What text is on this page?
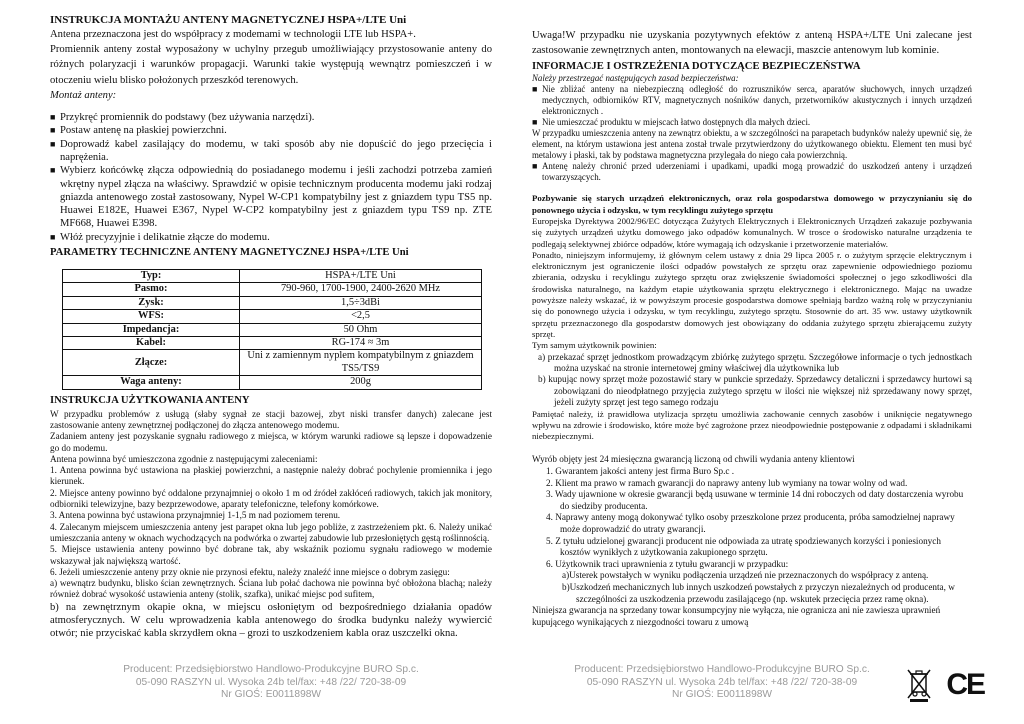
INSTRUKCJA MONTAŻU ANTENY MAGNETYCZNEJ HSPA+/LTE Uni

Antena przeznaczona jest do współpracy z modemami w technologii LTE lub HSPA+.

Promiennik anteny został wyposażony w uchylny przegub umożliwiający przystosowanie anteny do różnych polaryzacji i warunków propagacji. Warunki takie występują wewnątrz pomieszczeń i w otoczeniu wielu blisko położonych przeszkód terenowych.

Montaż anteny:

■ Przykręć promiennik do podstawy (bez używania narzędzi).

■ Postaw antenę na płaskiej powierzchni.

■ Doprowadź kabel zasilający do modemu, w taki sposób aby nie dopuścić do jego przecięcia i naprężenia.

■ Wybierz końcówkę złącza odpowiednią do posiadanego modemu i jeśli zachodzi potrzeba zamień wkrętny nypel złącza na właściwy. Sprawdzić w opisie technicznym producenta modemu jaki rodzaj gniazda antenowego został zastosowany, Nypel W-CP1 kompatybilny jest z gniazdem typu TS5 np. Huawei E182E, Huawei E367, Nypel W-CP2 kompatybilny jest z gniazdem typu TS9 np. ZTE MF668, Huawei E398.

■ Włóż precyzyjnie i delikatnie złącze do modemu.

PARAMETRY TECHNICZNE ANTENY MAGNETYCZNEJ HSPA+/LTE Uni

Typ:	HSPA+/LTE Uni
Pasmo:	790-960, 1700-1900, 2400-2620 MHz
Zysk:	1,5÷3dBi
WFS:	<2,5
Impedancja:	50 Ohm
Kabel:	RG-174 ≈ 3m
Złącze:	Uni z zamiennym nyplem kompatybilnym z gniazdem TS5/TS9
Waga anteny:	200g

INSTRUKCJA UŻYTKOWANIA ANTENY

W przypadku problemów z usługą (słaby sygnał ze stacji bazowej, zbyt niski transfer danych) zalecane jest zastosowanie anteny zewnętrznej podłączonej do złącza antenowego modemu.

Zadaniem anteny jest pozyskanie sygnału radiowego z miejsca, w którym warunki radiowe są lepsze i dopowadzenie go do modemu.

Antena powinna być umieszczona zgodnie z następującymi zaleceniami:

1. Antena powinna być ustawiona na płaskiej powierzchni, a następnie należy dobrać pochylenie promiennika i jego kierunek.

2. Miejsce anteny powinno być oddalone przynajmniej o około 1 m od źródeł zakłóceń radiowych, takich jak monitory, odbiorniki telewizyjne, bazy bezprzewodowe, aparaty telefoniczne, telefony komórkowe.

3. Antena powinna być ustawiona przynajmniej 1-1,5 m nad poziomem terenu.

4. Zalecanym miejscem umieszczenia anteny jest parapet okna lub jego pobliże, z zastrzeżeniem pkt. 6. Należy unikać umieszczania anteny w oknach wychodzących na podwórka o zwartej zabudowie lub przesłoniętych gęstą roślinnością.

5. Miejsce ustawienia anteny powinno być dobrane tak, aby wskaźnik poziomu sygnału radiowego w modemie wskazywał jak największą wartość.

6. Jeżeli umieszczenie anteny przy oknie nie przynosi efektu, należy znaleźć inne miejsce o dobrym zasięgu:

a) wewnątrz budynku, blisko ścian zewnętrznych. Ściana lub połać dachowa nie powinna być obłożona blachą; należy również dobrać wysokość ustawienia anteny (stolik, szafka), unikać miejsc pod sufitem,

b) na zewnętrznym okapie okna, w miejscu osłoniętym od bezpośredniego działania opadów atmosferycznych. W celu wprowadzenia kabla antenowego do środka budynku należy wywiercić otwór; nie przyciskać kabla skrzydłem okna – grozi to uszkodzeniem kabla oraz uszczelki okna.

Producent: Przedsiębiorstwo Handlowo-Produkcyjne BURO Sp.c.
05-090 RASZYN ul. Wysoka 24b tel/fax: +48 /22/ 720-38-09
Nr GIOŚ: E0011898W

Uwaga!W przypadku nie uzyskania pozytywnych efektów z anteną HSPA+/LTE Uni zalecane jest zastosowanie zewnętrznych anten, montowanych na elewacji, maszcie antenowym lub kominie.

INFORMACJE I OSTRZEŻENIA DOTYCZĄCE BEZPIECZEŃSTWA

Należy przestrzegać następujących zasad bezpieczeństwa:

■ Nie zbliżać anteny na niebezpieczną odległość do rozruszników serca, aparatów słuchowych, innych urządzeń medycznych, odbiorników RTV, magnetycznych nośników danych, przetworników akustycznych i innych urządzeń elektronicznych .

■ Nie umieszczać produktu w miejscach łatwo dostępnych dla małych dzieci.

W przypadku umieszczenia anteny na zewnątrz obiektu, a w szczególności na parapetach budynków należy upewnić się, że element, na którym ustawiona jest antena został trwale przytwierdzony do użytkowanego obiektu. Element ten musi być metalowy i płaski, tak by podstawa magnetyczna przylegała do niego cała powierzchnią.

■ Antenę należy chronić przed uderzeniami i upadkami, upadki mogą prowadzić do uszkodzeń anteny i urządzeń towarzyszących.

Pozbywanie się starych urządzeń elektronicznych, oraz rola gospodarstwa domowego w przyczynianiu się do ponownego użycia i odzysku, w tym recyklingu zużytego sprzętu

Europejska Dyrektywa 2002/96/EC dotycząca Zużytych Elektrycznych i Elektronicznych Urządzeń zakazuje pozbywania się zużytych urządzeń użytku domowego jako odpadów komunalnych. W trosce o środowisko naturalne urządzenia te podlegają selektywnej zbiórce odpadów, które wymagają ich odzyskanie i przetworzenie materiałów.

Ponadto, niniejszym informujemy, iż głównym celem ustawy z dnia 29 lipca 2005 r. o zużytym sprzęcie elektrycznym i elektronicznym jest ograniczenie ilości odpadów powstałych ze sprzętu oraz zapewnienie odpowiedniego poziomu zbierania, odzysku i recyklingu zużytego sprzętu oraz zwiększenie świadomości społecznej o jego szkodliwości dla środowiska naturalnego, na każdym etapie użytkowania sprzętu elektrycznego i elektronicznego. Mając na uwadze powyższe należy wskazać, iż w powyższym procesie gospodarstwa domowe spełniają bardzo ważną rolę w przyczynianiu się do ponownego użycia i odzysku, w tym recyklingu, zużytego sprzętu. Stosownie do art. 35 ww. ustawy użytkownik sprzętu przeznaczonego dla gospodarstw domowych jest obowiązany do oddania zużytego sprzętu zbierającemu zużyty sprzęt.

Tym samym użytkownik powinien:

a) przekazać sprzęt jednostkom prowadzącym zbiórkę zużytego sprzętu. Szczegółowe informacje o tych jednostkach można uzyskać na stronie internetowej gminy właściwej dla użytkownika lub

b) kupując nowy sprzęt może pozostawić stary w punkcie sprzedaży. Sprzedawcy detaliczni i sprzedawcy hurtowi są zobowiązani do nieodpłatnego przyjęcia zużytego sprzętu w ilości nie większej niż sprzedawany nowy sprzęt, jeżeli zużyty sprzęt jest tego samego rodzaju

Pamiętać należy, iż prawidłowa utylizacja sprzętu umożliwia zachowanie cennych zasobów i uniknięcie negatywnego wpływu na zdrowie i środowisko, które może być zagrożone przez nieodpowiednie postępowanie z odpadami i składnikami niebezpiecznymi.

Wyrób objęty jest 24 miesięczna gwarancją liczoną od chwili wydania anteny klientowi

1. Gwarantem jakości anteny jest firma Buro Sp.c .

2. Klient ma prawo w ramach gwarancji do naprawy anteny lub wymiany na towar wolny od wad.

3. Wady ujawnione w okresie gwarancji będą usuwane w terminie 14 dni roboczych od daty dostarczenia wyrobu do siedziby producenta.

4. Naprawy anteny mogą dokonywać tylko osoby przeszkolone przez producenta, próba samodzielnej naprawy może doprowadzić do utraty gwarancji.

5. Z tytułu udzielonej gwarancji producent nie odpowiada za utratę spodziewanych korzyści i poniesionych kosztów wynikłych z użytkowania zakupionego sprzętu.

6. Użytkownik traci uprawnienia z tytułu gwarancji w przypadku:

a)Usterek powstałych w wyniku podłączenia urządzeń nie przeznaczonych do współpracy z anteną.

b)Uszkodzeń mechanicznych lub innych uszkodzeń powstałych z przyczyn niezależnych od producenta, w szczególności za uszkodzenia przewodu zasilającego (np. wskutek przecięcia przez ramę okna).

Niniejsza gwarancja na sprzedany towar konsumpcyjny nie wyłącza, nie ogranicza ani nie zawiesza uprawnień kupującego wynikających z niezgodności towaru z umową

Producent: Przedsiębiorstwo Handlowo-Produkcyjne BURO Sp.c.
05-090 RASZYN ul. Wysoka 24b tel/fax: +48 /22/ 720-38-09
Nr GIOŚ: E0011898W	CE
